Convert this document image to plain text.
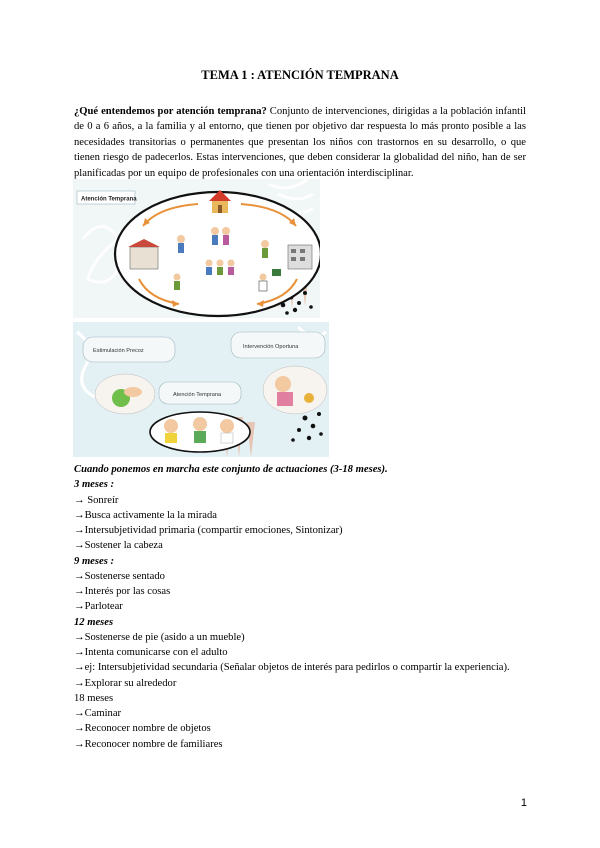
TEMA 1 : ATENCIÓN TEMPRANA
¿Qué entendemos por atención temprana? Conjunto de intervenciones, dirigidas a la población infantil de 0 a 6 años, a la familia y al entorno, que tienen por objetivo dar respuesta lo más pronto posible a las necesidades transitorias o permanentes que presentan los niños con trastornos en su desarrollo, o que tienen riesgo de padecerlos. Estas intervenciones, que deben considerar la globalidad del niño, han de ser planificadas por un equipo de profesionales con una orientación interdisciplinar.
Atención Temprana
Estimulación Precoz
Intervención Oportuna
Atención Temprana
Cuando ponemos en marcha este conjunto de actuaciones (3-18 meses).
3 meses :
→ Sonreír
→Busca activamente la la mirada
→Intersubjetividad primaria (compartir emociones, Sintonizar)
→Sostener la cabeza
9 meses :
→Sostenerse sentado
→Interés por las cosas
→Parlotear
12 meses
→Sostenerse de pie (asido a un mueble)
→Intenta comunicarse con el adulto
→ej: Intersubjetividad secundaria (Señalar objetos de interés para pedirlos o compartir la experiencia).
→Explorar su alrededor
18 meses
→Caminar
→Reconocer nombre de objetos
→Reconocer nombre de familiares
1
